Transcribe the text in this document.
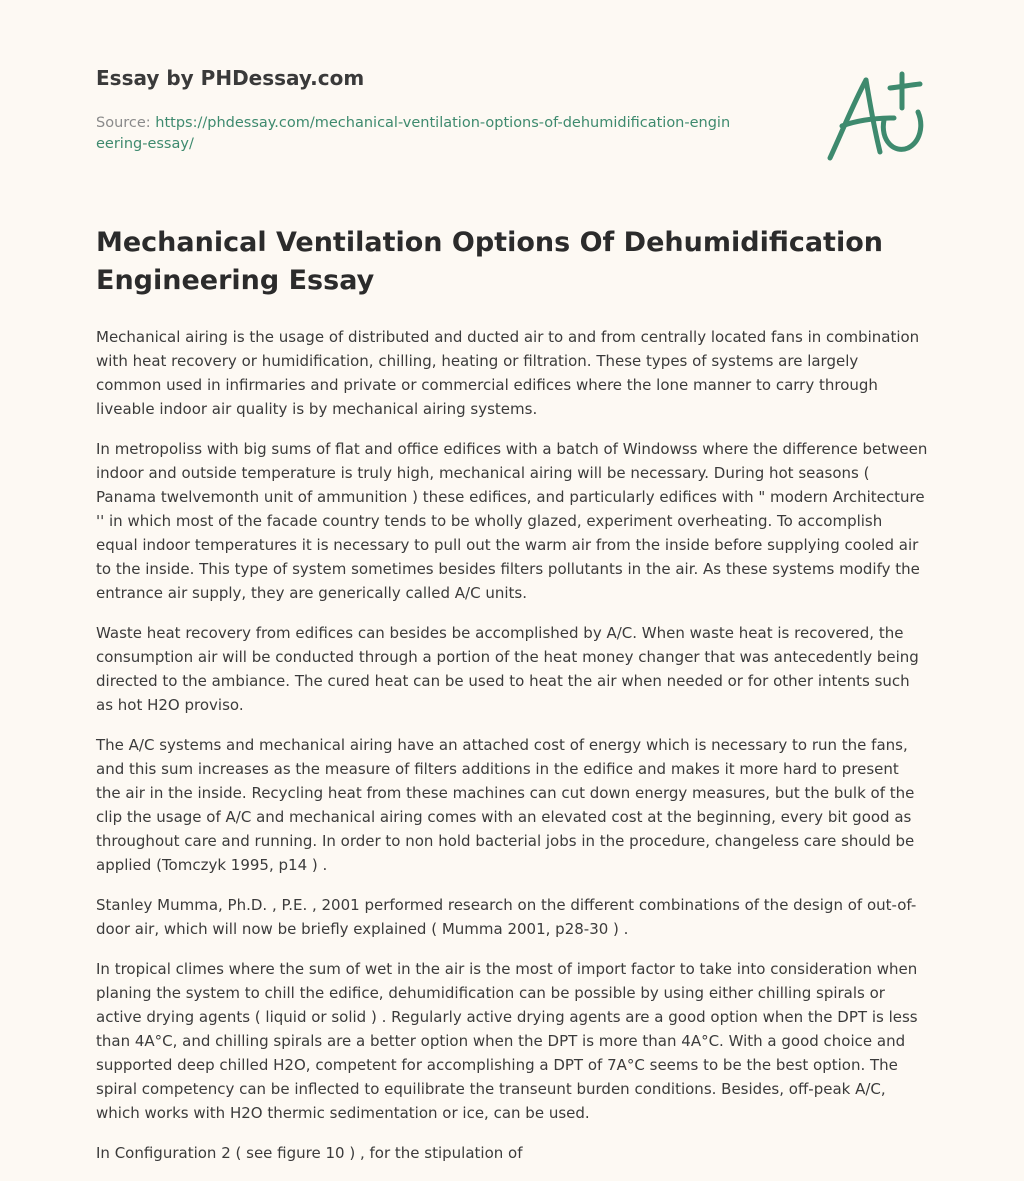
Essay by PHDessay.com
Source: https://phdessay.com/mechanical-ventilation-options-of-dehumidification-engineering-essay/
Mechanical Ventilation Options Of Dehumidification Engineering Essay

Mechanical airing is the usage of distributed and ducted air to and from centrally located fans in combination with heat recovery or humidification, chilling, heating or filtration. These types of systems are largely common used in infirmaries and private or commercial edifices where the lone manner to carry through liveable indoor air quality is by mechanical airing systems.

In metropoliss with big sums of flat and office edifices with a batch of Windowss where the difference between indoor and outside temperature is truly high, mechanical airing will be necessary. During hot seasons ( Panama twelvemonth unit of ammunition ) these edifices, and particularly edifices with " modern Architecture '' in which most of the facade country tends to be wholly glazed, experiment overheating. To accomplish equal indoor temperatures it is necessary to pull out the warm air from the inside before supplying cooled air to the inside. This type of system sometimes besides filters pollutants in the air. As these systems modify the entrance air supply, they are generically called A/C units.

Waste heat recovery from edifices can besides be accomplished by A/C. When waste heat is recovered, the consumption air will be conducted through a portion of the heat money changer that was antecedently being directed to the ambiance. The cured heat can be used to heat the air when needed or for other intents such as hot H2O proviso.

The A/C systems and mechanical airing have an attached cost of energy which is necessary to run the fans, and this sum increases as the measure of filters additions in the edifice and makes it more hard to present the air in the inside. Recycling heat from these machines can cut down energy measures, but the bulk of the clip the usage of A/C and mechanical airing comes with an elevated cost at the beginning, every bit good as throughout care and running. In order to non hold bacterial jobs in the procedure, changeless care should be applied (Tomczyk 1995, p14 ) .

Stanley Mumma, Ph.D. , P.E. , 2001 performed research on the different combinations of the design of out-of-door air, which will now be briefly explained ( Mumma 2001, p28-30 ) .

In tropical climes where the sum of wet in the air is the most of import factor to take into consideration when planing the system to chill the edifice, dehumidification can be possible by using either chilling spirals or active drying agents ( liquid or solid ) . Regularly active drying agents are a good option when the DPT is less than 4A°C, and chilling spirals are a better option when the DPT is more than 4A°C. With a good choice and supported deep chilled H2O, competent for accomplishing a DPT of 7A°C seems to be the best option. The spiral competency can be inflected to equilibrate the transeunt burden conditions. Besides, off-peak A/C, which works with H2O thermic sedimentation or ice, can be used.

In Configuration 2 ( see figure 10 ) , for the stipulation of
